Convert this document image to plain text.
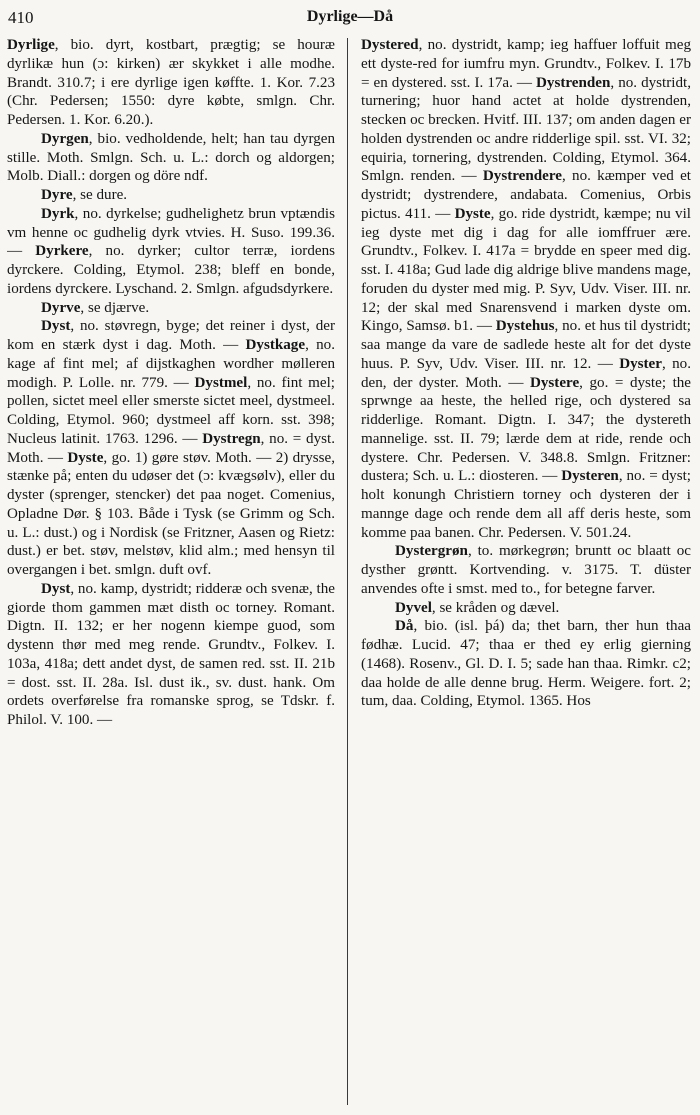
410	Dyrlige—Då

Dyrlige, bio. dyrt, kostbart, prægtig; se houræ dyrlikæ hun (ɔ: kirken) ær skykket i alle modhe. Brandt. 310.7; i ere dyrlige igen køffte. 1. Kor. 7.23 (Chr. Pedersen; 1550: dyre købte, smlgn. Chr. Pedersen. 1. Kor. 6.20.).

Dyrgen, bio. vedholdende, helt; han tau dyrgen stille. Moth. Smlgn. Sch. u. L.: dorch og aldorgen; Molb. Diall.: dorgen og döre ndf.

Dyre, se dure.

Dyrk, no. dyrkelse; gudhelighetz brun vptændis vm henne oc gudhelig dyrk vtvies. H. Suso. 199.36. — Dyrkere, no. dyrker; cultor terræ, iordens dyrckere. Colding, Etymol. 238; bleff en bonde, iordens dyrckere. Lyschand. 2. Smlgn. afgudsdyrkere.

Dyrve, se djærve.

Dyst, no. støvregn, byge; det reiner i dyst, der kom en stærk dyst i dag. Moth. — Dystkage, no. kage af fint mel; af dijstkaghen wordher mølleren modigh. P. Lolle. nr. 779. — Dystmel, no. fint mel; pollen, sictet meel eller smerste sictet meel, dystmeel. Colding, Etymol. 960; dystmeel aff korn. sst. 398; Nucleus latinit. 1763. 1296. — Dystregn, no. = dyst. Moth. — Dyste, go. 1) gøre støv. Moth. — 2) drysse, stænke på; enten du udøser det (ɔ: kvægsølv), eller du dyster (sprenger, stencker) det paa noget. Comenius, Opladne Dør. § 103. Både i Tysk (se Grimm og Sch. u. L.: dust.) og i Nordisk (se Fritzner, Aasen og Rietz: dust.) er bet. støv, melstøv, klid alm.; med hensyn til overgangen i bet. smlgn. duft ovf.

Dyst, no. kamp, dystridt; ridderæ och svenæ, the giorde thom gammen mæt disth oc torney. Romant. Digtn. II. 132; er her nogenn kiempe guod, som dystenn thør med meg rende. Grundtv., Folkev. I. 103a, 418a; dett andet dyst, de samen red. sst. II. 21b = dost. sst. II. 28a. Isl. dust ik., sv. dust. hank. Om ordets overførelse fra romanske sprog, se Tdskr. f. Philol. V. 100. —

Dystered, no. dystridt, kamp; ieg haffuer loffuit meg ett dyste-red for iumfru myn. Grundtv., Folkev. I. 17b = en dystered. sst. I. 17a. — Dystrenden, no. dystridt, turnering; huor hand actet at holde dystrenden, stecken oc brecken. Hvitf. III. 137; om anden dagen er holden dystrenden oc andre ridderlige spil. sst. VI. 32; equiria, tornering, dystrenden. Colding, Etymol. 364. Smlgn. renden. — Dystrendere, no. kæmper ved et dystridt; dystrendere, andabata. Comenius, Orbis pictus. 411. — Dyste, go. ride dystridt, kæmpe; nu vil ieg dyste met dig i dag for alle iomffruer ære. Grundtv., Folkev. I. 417a = brydde en speer med dig. sst. I. 418a; Gud lade dig aldrige blive mandens mage, foruden du dyster med mig. P. Syv, Udv. Viser. III. nr. 12; der skal med Snarensvend i marken dyste om. Kingo, Samsø. b1. — Dystehus, no. et hus til dystridt; saa mange da vare de sadlede heste alt for det dyste huus. P. Syv, Udv. Viser. III. nr. 12. — Dyster, no. den, der dyster. Moth. — Dystere, go. = dyste; the sprwnge aa heste, the helled rige, och dystered sa ridderlige. Romant. Digtn. I. 347; the dystereth mannelige. sst. II. 79; lærde dem at ride, rende och dystere. Chr. Pedersen. V. 348.8. Smlgn. Fritzner: dustera; Sch. u. L.: diosteren. — Dysteren, no. = dyst; holt konungh Christiern torney och dysteren der i mannge dage och rende dem all aff deris heste, som komme paa banen. Chr. Pedersen. V. 501.24.

Dystergrøn, to. mørkegrøn; bruntt oc blaatt oc dysther grøntt. Kortvending. v. 3175. T. düster anvendes ofte i smst. med to., for betegne farver.

Dyvel, se kråden og dævel.

Då, bio. (isl. þá) da; thet barn, ther hun thaa fødhæ. Lucid. 47; thaa er thed ey erlig gierning (1468). Rosenv., Gl. D. I. 5; sade han thaa. Rimkr. c2; daa holde de alle denne brug. Herm. Weigere. fort. 2; tum, daa. Colding, Etymol. 1365. Hos
